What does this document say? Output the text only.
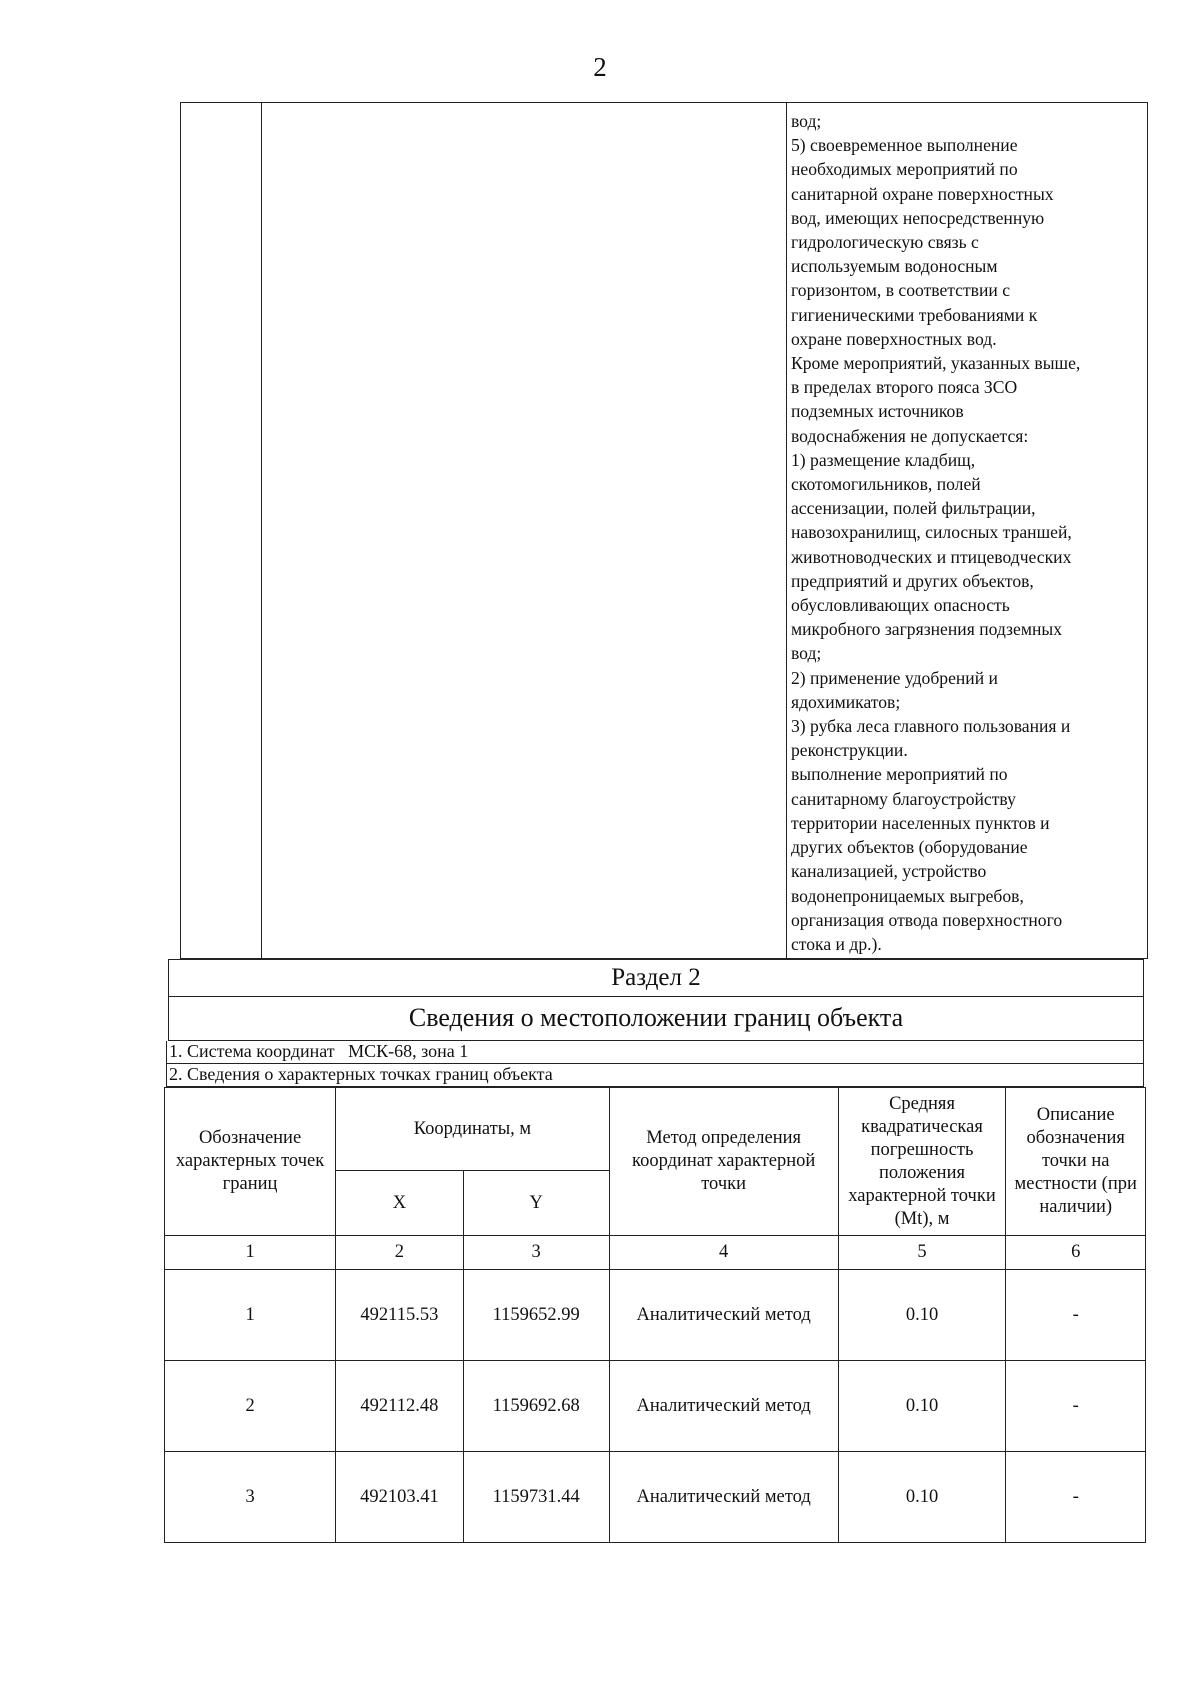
2
вод;
5) своевременное выполнение
необходимых мероприятий по
санитарной охране поверхностных
вод, имеющих непосредственную
гидрологическую связь с
используемым водоносным
горизонтом, в соответствии с
гигиеническими требованиями к
охране поверхностных вод.
Кроме мероприятий, указанных выше,
в пределах второго пояса ЗСО
подземных источников
водоснабжения не допускается:
1) размещение кладбищ,
скотомогильников, полей
ассенизации, полей фильтрации,
навозохранилищ, силосных траншей,
животноводческих и птицеводческих
предприятий и других объектов,
обусловливающих опасность
микробного загрязнения подземных
вод;
2) применение удобрений и
ядохимикатов;
3) рубка леса главного пользования и
реконструкции.
выполнение мероприятий по
санитарному благоустройству
территории населенных пунктов и
других объектов (оборудование
канализацией, устройство
водонепроницаемых выгребов,
организация отвода поверхностного
стока и др.).
Раздел 2
Сведения о местоположении границ объекта
1. Система координат МСК-68, зона 1
2. Сведения о характерных точках границ объекта
Обозначение характерных точек границ	Координаты, м		Метод определения координат характерной точки	Средняя квадратическая погрешность положения характерной точки (Mt), м	Описание обозначения точки на местности (при наличии)
	X	Y			
1	2	3	4	5	6
1	492115.53	1159652.99	Аналитический метод	0.10	-
2	492112.48	1159692.68	Аналитический метод	0.10	-
3	492103.41	1159731.44	Аналитический метод	0.10	-
